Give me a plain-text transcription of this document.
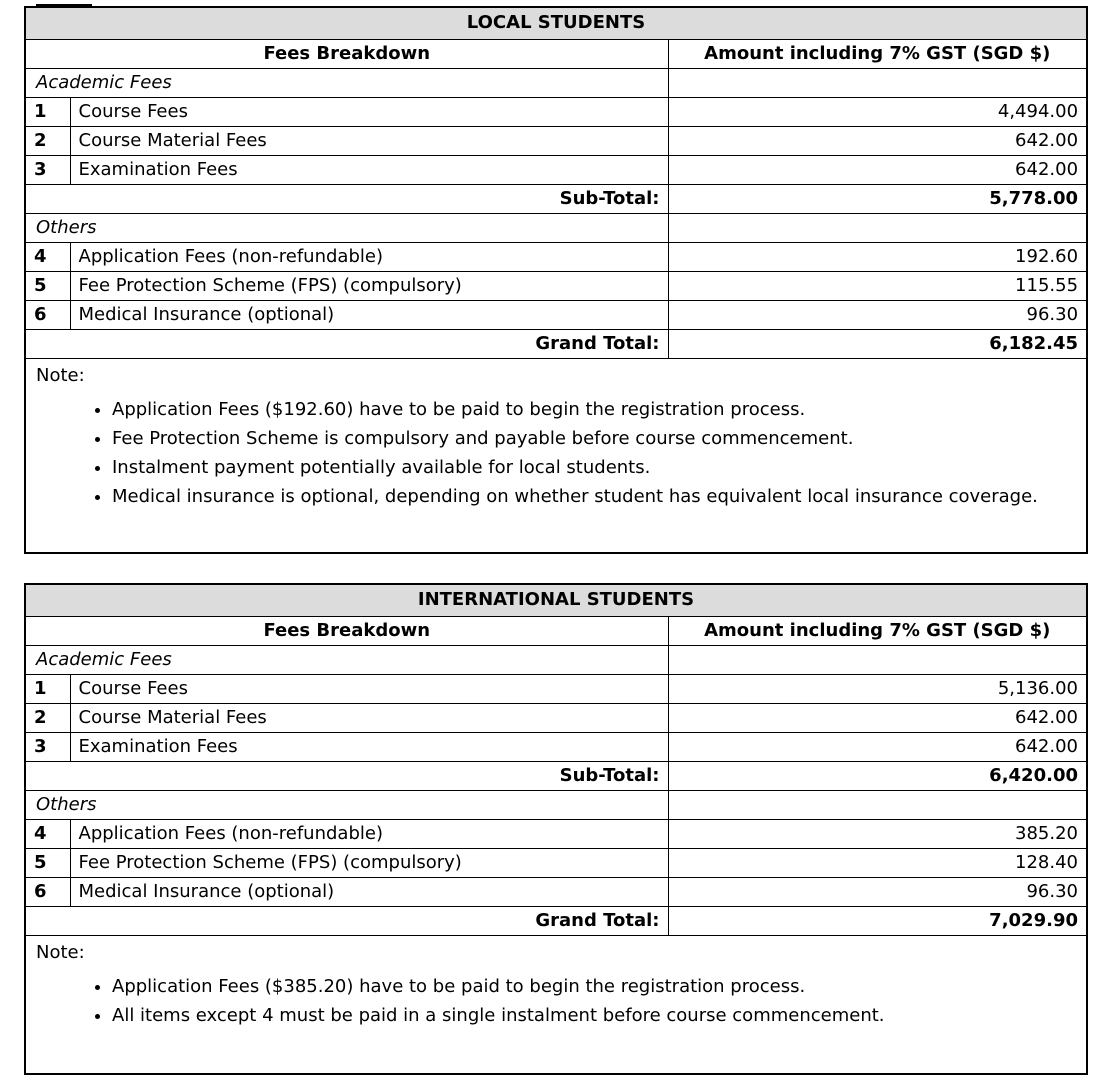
LOCAL STUDENTS		
Fees Breakdown		Amount including 7% GST (SGD $)
Academic Fees		
1	Course Fees	4,494.00
2	Course Material Fees	642.00
3	Examination Fees	642.00
Sub-Total:		5,778.00
Others		
4	Application Fees (non-refundable)	192.60
5	Fee Protection Scheme (FPS) (compulsory)	115.55
6	Medical Insurance (optional)	96.30
Grand Total:		6,182.45
Note:
• Application Fees ($192.60) have to be paid to begin the registration process.
• Fee Protection Scheme is compulsory and payable before course commencement.
• Instalment payment potentially available for local students.
• Medical insurance is optional, depending on whether student has equivalent local insurance coverage.
INTERNATIONAL STUDENTS		
Fees Breakdown		Amount including 7% GST (SGD $)
Academic Fees		
1	Course Fees	5,136.00
2	Course Material Fees	642.00
3	Examination Fees	642.00
Sub-Total:		6,420.00
Others		
4	Application Fees (non-refundable)	385.20
5	Fee Protection Scheme (FPS) (compulsory)	128.40
6	Medical Insurance (optional)	96.30
Grand Total:		7,029.90
Note:
• Application Fees ($385.20) have to be paid to begin the registration process.
• All items except 4 must be paid in a single instalment before course commencement.
